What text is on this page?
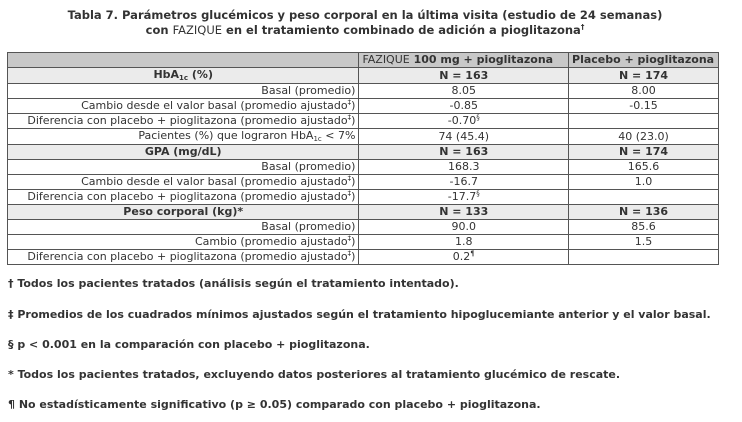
Tabla 7. Parámetros glucémicos y peso corporal en la última visita (estudio de 24 semanas)
con FAZIQUE en el tratamiento combinado de adición a pioglitazona†
	FAZIQUE 100 mg + pioglitazona	Placebo + pioglitazona
HbA$_{1c}$ (%)	N = 163	N = 174
Basal (promedio)	8.05	8.00
Cambio desde el valor basal (promedio ajustado‡)	-0.85	-0.15
Diferencia con placebo + pioglitazona (promedio ajustado‡)	-0.70§	
Pacientes (%) que lograron HbA$_{1c}$ < 7%	74 (45.4)	40 (23.0)
GPA (mg/dL)	N = 163	N = 174
Basal (promedio)	168.3	165.6
Cambio desde el valor basal (promedio ajustado‡)	-16.7	1.0
Diferencia con placebo + pioglitazona (promedio ajustado‡)	-17.7§	
Peso corporal (kg)*	N = 133	N = 136
Basal (promedio)	90.0	85.6
Cambio (promedio ajustado‡)	1.8	1.5
Diferencia con placebo + pioglitazona (promedio ajustado‡)	0.2¶	
† Todos los pacientes tratados (análisis según el tratamiento intentado).
‡ Promedios de los cuadrados mínimos ajustados según el tratamiento hipoglucemiante anterior y el valor basal.
§ p < 0.001 en la comparación con placebo + pioglitazona.
* Todos los pacientes tratados, excluyendo datos posteriores al tratamiento glucémico de rescate.
¶ No estadísticamente significativo (p ≥ 0.05) comparado con placebo + pioglitazona.
